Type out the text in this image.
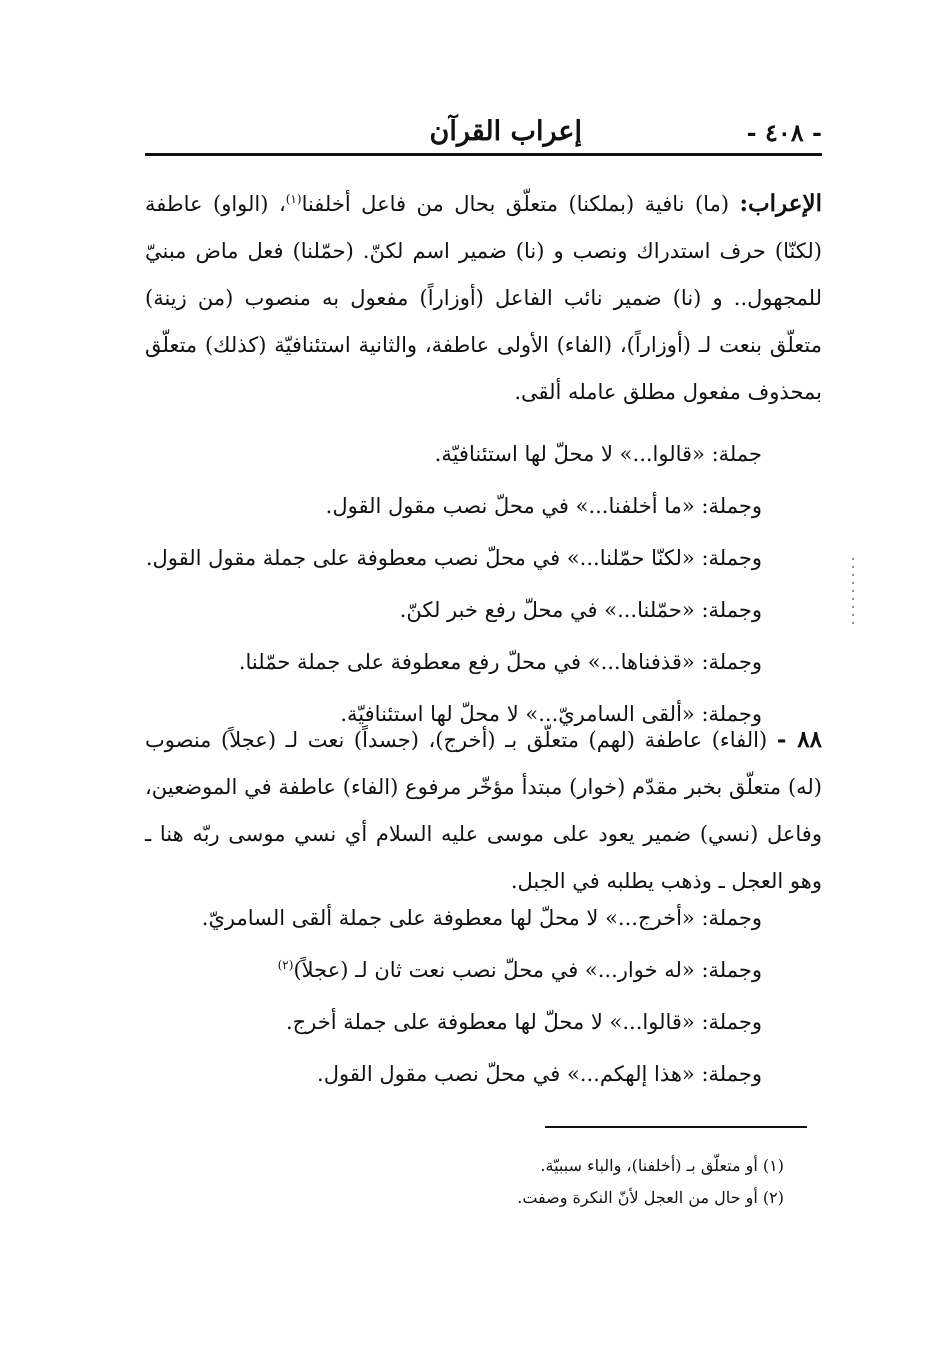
إعراب القرآن	- ٤٠٨ -
الإعراب: (ما) نافية (بملكنا) متعلّق بحال من فاعل أخلفنا$^{(١)}$، (الواو) عاطفة (لكنّا) حرف استدراك ونصب و (نا) ضمير اسم لكنّ. (حمّلنا) فعل ماض مبنيّ للمجهول.. و (نا) ضمير نائب الفاعل (أوزاراً) مفعول به منصوب (من زينة) متعلّق بنعت لـ (أوزاراً)، (الفاء) الأولى عاطفة، والثانية استئنافيّة (كذلك) متعلّق بمحذوف مفعول مطلق عامله ألقى.
جملة: «قالوا...» لا محلّ لها استئنافيّة.
وجملة: «ما أخلفنا...» في محلّ نصب مقول القول.
وجملة: «لكنّا حمّلنا...» في محلّ نصب معطوفة على جملة مقول القول.
وجملة: «حمّلنا...» في محلّ رفع خبر لكنّ.
وجملة: «قذفناها...» في محلّ رفع معطوفة على جملة حمّلنا.
وجملة: «ألقى السامريّ...» لا محلّ لها استئنافيّة.
٨٨ - (الفاء) عاطفة (لهم) متعلّق بـ (أخرج)، (جسداً) نعت لـ (عجلاً) منصوب (له) متعلّق بخبر مقدّم (خوار) مبتدأ مؤخّر مرفوع (الفاء) عاطفة في الموضعين، وفاعل (نسي) ضمير يعود على موسى عليه السلام أي نسي موسى ربّه هنا ـ وهو العجل ـ وذهب يطلبه في الجبل.
وجملة: «أخرج...» لا محلّ لها معطوفة على جملة ألقى السامريّ.
وجملة: «له خوار...» في محلّ نصب نعت ثان لـ (عجلاً)$^{(٢)}$
وجملة: «قالوا...» لا محلّ لها معطوفة على جملة أخرج.
وجملة: «هذا إلهكم...» في محلّ نصب مقول القول.
(١) أو متعلّق بـ (أخلفنا)، والباء سببيّة.
(٢) أو حال من العجل لأنّ النكرة وصفت.
